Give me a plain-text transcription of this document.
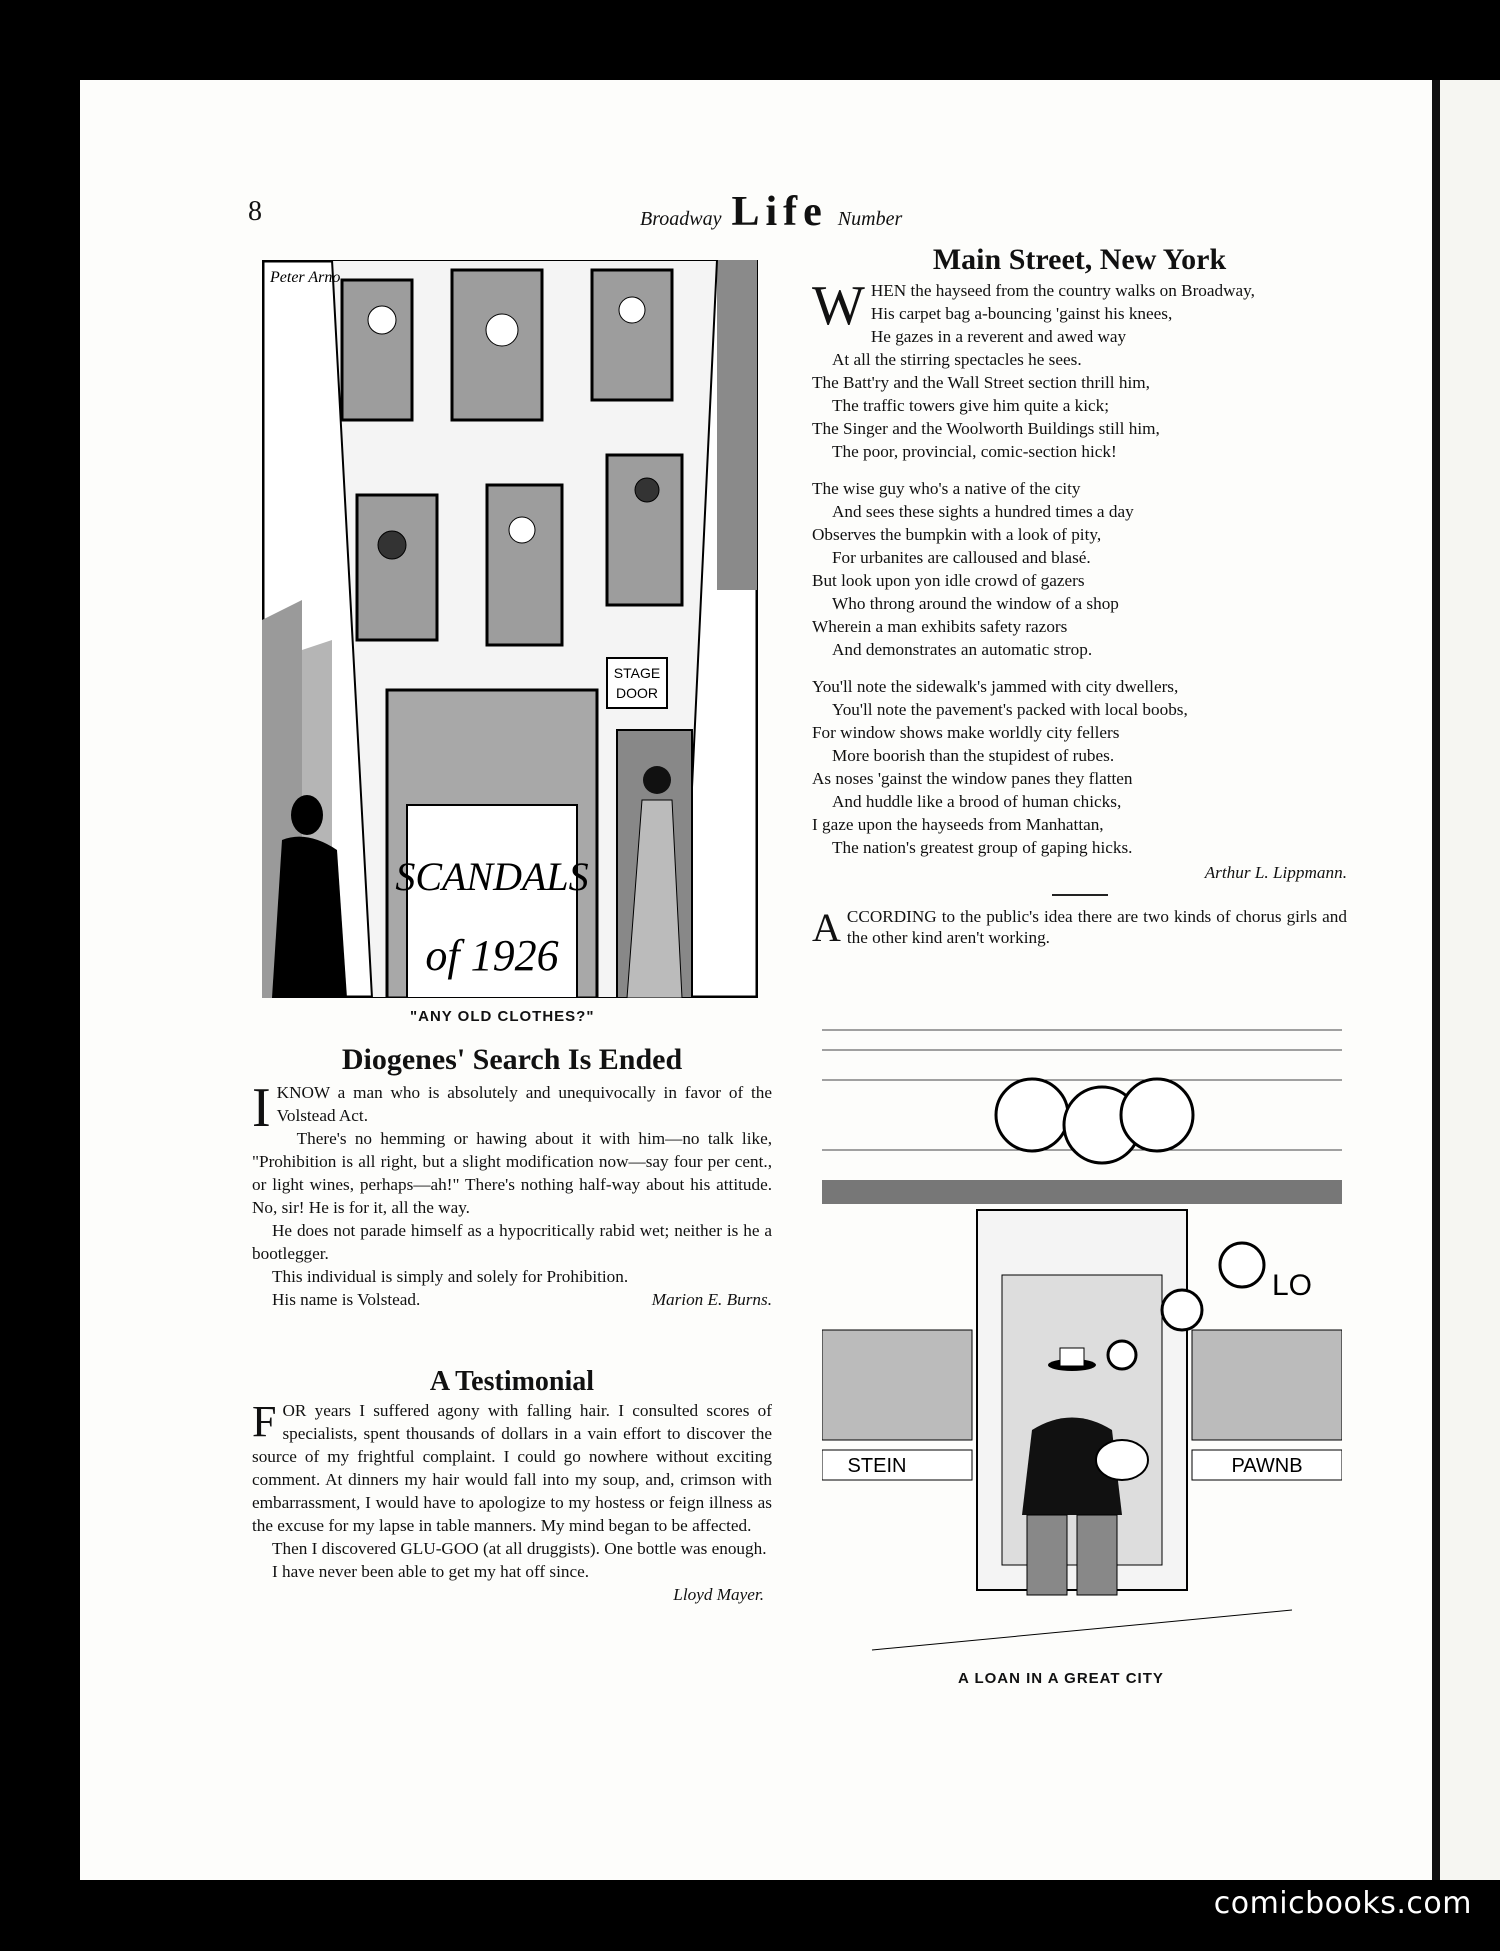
8	Broadway Life Number
SCANDALS
of 1926
STAGE
DOOR
Peter Arno
"ANY OLD CLOTHES?"
Main Street, New York
W HEN the hayseed from the country walks on Broadway,
His carpet bag a-bouncing 'gainst his knees,
He gazes in a reverent and awed way
At all the stirring spectacles he sees.
The Batt'ry and the Wall Street section thrill him,
The traffic towers give him quite a kick;
The Singer and the Woolworth Buildings still him,
The poor, provincial, comic-section hick!
The wise guy who's a native of the city
And sees these sights a hundred times a day
Observes the bumpkin with a look of pity,
For urbanites are calloused and blasé.
But look upon yon idle crowd of gazers
Who throng around the window of a shop
Wherein a man exhibits safety razors
And demonstrates an automatic strop.
You'll note the sidewalk's jammed with city dwellers,
You'll note the pavement's packed with local boobs,
For window shows make worldly city fellers
More boorish than the stupidest of rubes.
As noses 'gainst the window panes they flatten
And huddle like a brood of human chicks,
I gaze upon the hayseeds from Manhattan,
The nation's greatest group of gaping hicks.
Arthur L. Lippmann.
A CCORDING to the public's idea there are two kinds of chorus girls and the other kind aren't working.

Diogenes' Search Is Ended
I KNOW a man who is absolutely and unequivocally in favor of the Volstead Act.

There's no hemming or hawing about it with him—no talk like, "Prohibition is all right, but a slight modification now—say four per cent., or light wines, perhaps—ah!" There's nothing half-way about his attitude. No, sir! He is for it, all the way.

He does not parade himself as a hypocritically rabid wet; neither is he a bootlegger.

This individual is simply and solely for Prohibition.

His name is Volstead.	Marion E. Burns.
A Testimonial
F OR years I suffered agony with falling hair. I consulted scores of specialists, spent thousands of dollars in a vain effort to discover the source of my frightful complaint. I could go nowhere without exciting comment. At dinners my hair would fall into my soup, and, crimson with embarrassment, I would have to apologize to my hostess or feign illness as the excuse for my lapse in table manners. My mind began to be affected.

Then I discovered GLU-GOO (at all druggists). One bottle was enough.

I have never been able to get my hat off since.

Lloyd Mayer.
STEIN	PAWNB
LO
A LOAN IN A GREAT CITY
comicbooks.com
